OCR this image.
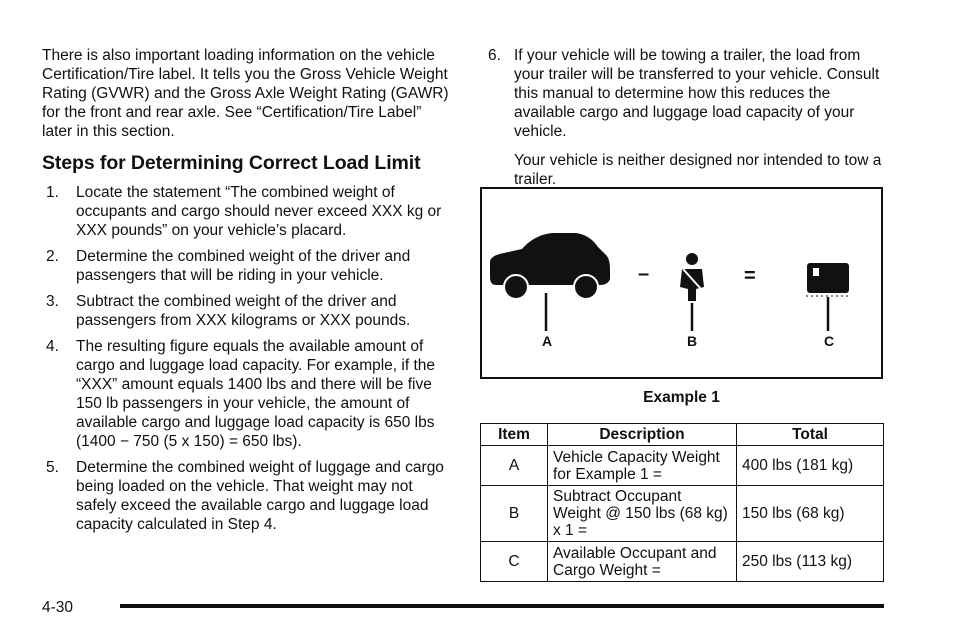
There is also important loading information on the vehicle Certification/Tire label. It tells you the Gross Vehicle Weight Rating (GVWR) and the Gross Axle Weight Rating (GAWR) for the front and rear axle. See “Certification/Tire Label” later in this section.

Steps for Determining Correct Load Limit
1. Locate the statement “The combined weight of occupants and cargo should never exceed XXX kg or XXX pounds” on your vehicle’s placard.
2. Determine the combined weight of the driver and passengers that will be riding in your vehicle.
3. Subtract the combined weight of the driver and passengers from XXX kilograms or XXX pounds.
4. The resulting figure equals the available amount of cargo and luggage load capacity. For example, if the “XXX” amount equals 1400 lbs and there will be five 150 lb passengers in your vehicle, the amount of available cargo and luggage load capacity is 650 lbs (1400 − 750 (5 x 150) = 650 lbs).
5. Determine the combined weight of luggage and cargo being loaded on the vehicle. That weight may not safely exceed the available cargo and luggage load capacity calculated in Step 4.

6. If your vehicle will be towing a trailer, the load from your trailer will be transferred to your vehicle. Consult this manual to determine how this reduces the available cargo and luggage load capacity of your vehicle.

Your vehicle is neither designed nor intended to tow a trailer.

–	=
A	B	C
Example 1
Item	Description	Total
A	Vehicle Capacity Weight for Example 1 =	400 lbs (181 kg)
B	Subtract Occupant Weight @ 150 lbs (68 kg) x 1 =	150 lbs (68 kg)
C	Available Occupant and Cargo Weight =	250 lbs (113 kg)
4-30
